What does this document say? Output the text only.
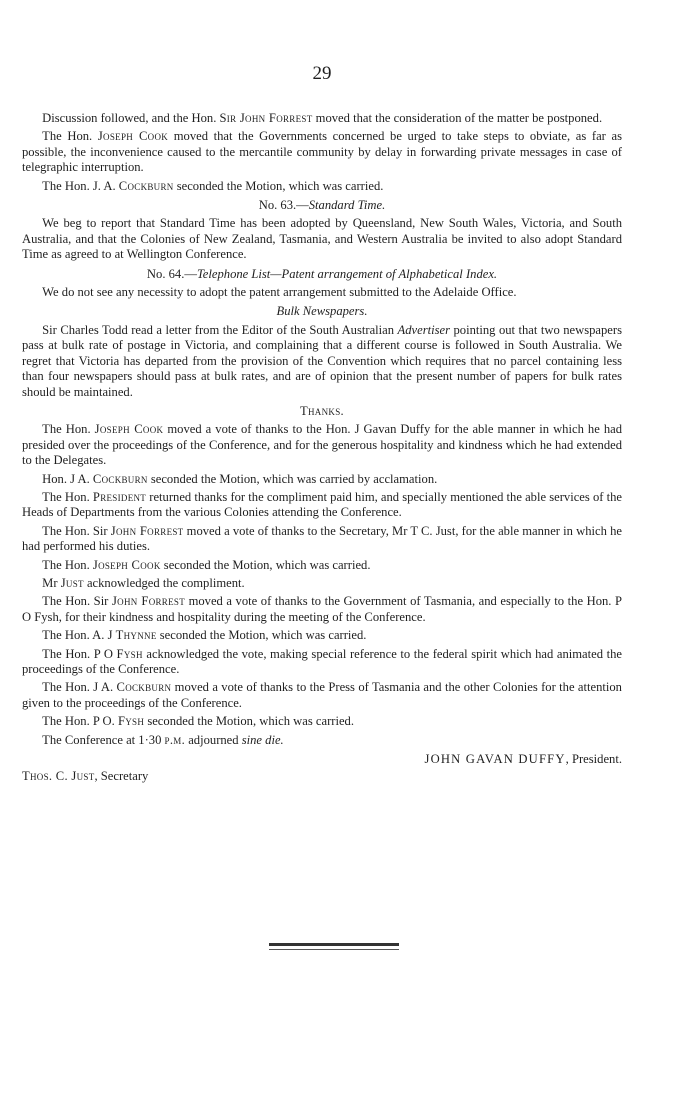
29

Discussion followed, and the Hon. Sir John Forrest moved that the consideration of the matter be postponed.

The Hon. Joseph Cook moved that the Governments concerned be urged to take steps to obviate, as far as possible, the inconvenience caused to the mercantile community by delay in forwarding private messages in case of telegraphic interruption.

The Hon. J. A. Cockburn seconded the Motion, which was carried.

No. 63.—Standard Time.

We beg to report that Standard Time has been adopted by Queensland, New South Wales, Victoria, and South Australia, and that the Colonies of New Zealand, Tasmania, and Western Australia be invited to also adopt Standard Time as agreed to at Wellington Conference.

No. 64.—Telephone List—Patent arrangement of Alphabetical Index.

We do not see any necessity to adopt the patent arrangement submitted to the Adelaide Office.

Bulk Newspapers.

Sir Charles Todd read a letter from the Editor of the South Australian Advertiser pointing out that two newspapers pass at bulk rate of postage in Victoria, and complaining that a different course is followed in South Australia. We regret that Victoria has departed from the provision of the Convention which requires that no parcel containing less than four newspapers should pass at bulk rates, and are of opinion that the present number of papers for bulk rates should be maintained.

Thanks.

The Hon. Joseph Cook moved a vote of thanks to the Hon. J Gavan Duffy for the able manner in which he had presided over the proceedings of the Conference, and for the generous hospitality and kindness which he had extended to the Delegates.

Hon. J A. Cockburn seconded the Motion, which was carried by acclamation.

The Hon. President returned thanks for the compliment paid him, and specially mentioned the able services of the Heads of Departments from the various Colonies attending the Conference.

The Hon. Sir John Forrest moved a vote of thanks to the Secretary, Mr T C. Just, for the able manner in which he had performed his duties.

The Hon. Joseph Cook seconded the Motion, which was carried.

Mr Just acknowledged the compliment.

The Hon. Sir John Forrest moved a vote of thanks to the Government of Tasmania, and especially to the Hon. P O Fysh, for their kindness and hospitality during the meeting of the Conference.

The Hon. A. J Thynne seconded the Motion, which was carried.

The Hon. P O Fysh acknowledged the vote, making special reference to the federal spirit which had animated the proceedings of the Conference.

The Hon. J A. Cockburn moved a vote of thanks to the Press of Tasmania and the other Colonies for the attention given to the proceedings of the Conference.

The Hon. P O. Fysh seconded the Motion, which was carried.

The Conference at 1·30 p.m. adjourned sine die.

JOHN GAVAN DUFFY , President.
Thos. C. Just, Secretary
